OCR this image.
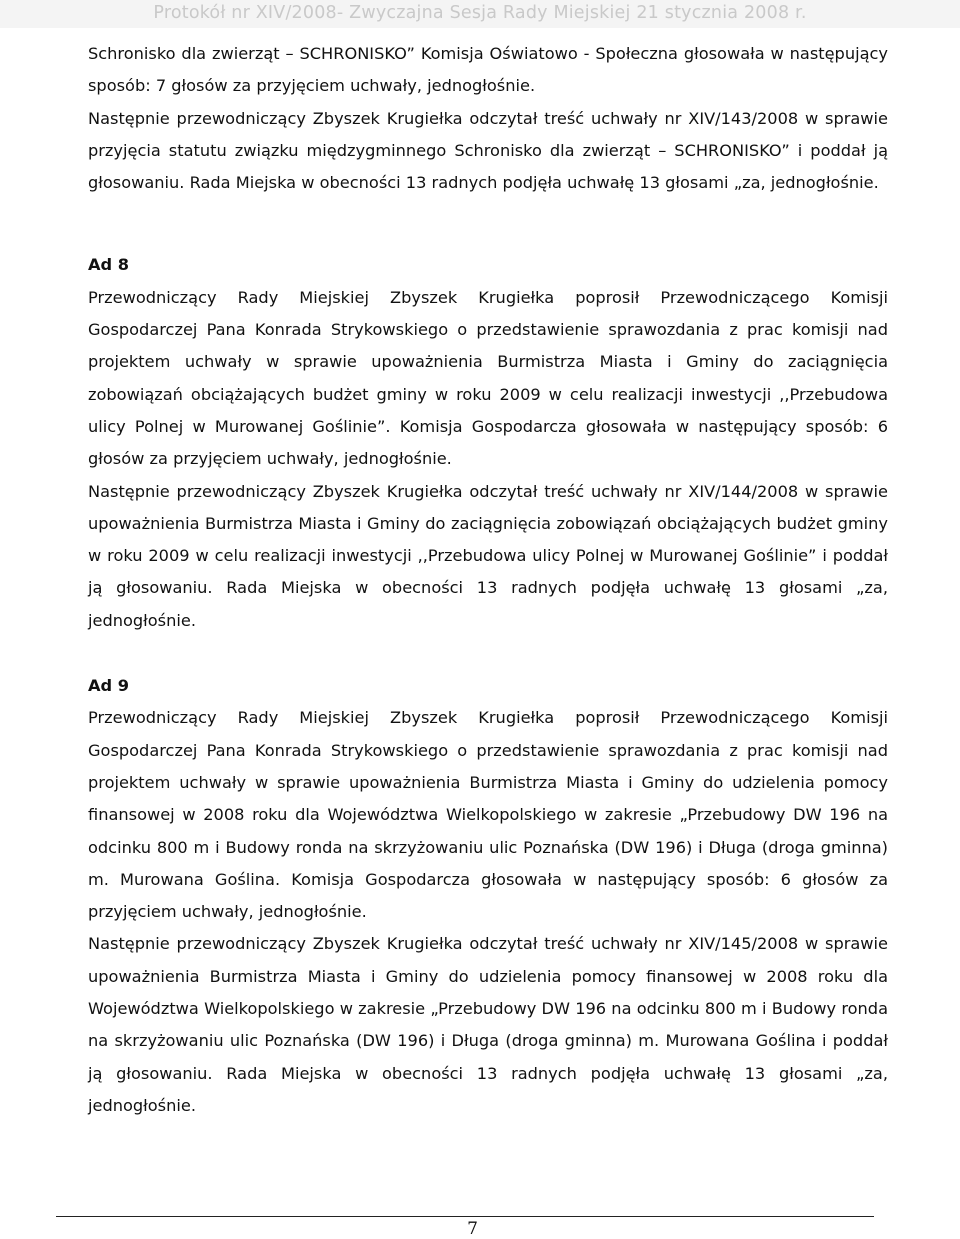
Protokół nr XIV/2008- Zwyczajna Sesja Rady Miejskiej 21 stycznia 2008 r.

Schronisko dla zwierząt – SCHRONISKO” Komisja Oświatowo - Społeczna głosowała w następujący sposób: 7 głosów za przyjęciem uchwały, jednogłośnie.

Następnie przewodniczący Zbyszek Krugiełka odczytał treść uchwały nr XIV/143/2008 w sprawie przyjęcia statutu związku międzygminnego Schronisko dla zwierząt – SCHRONISKO” i poddał ją głosowaniu. Rada Miejska w obecności 13 radnych podjęła uchwałę 13 głosami „za, jednogłośnie.

Ad 8

Przewodniczący Rady Miejskiej Zbyszek Krugiełka poprosił Przewodniczącego Komisji Gospodarczej Pana Konrada Strykowskiego o przedstawienie sprawozdania z prac komisji nad projektem uchwały w sprawie upoważnienia Burmistrza Miasta i Gminy do zaciągnięcia zobowiązań obciążających budżet gminy w roku 2009 w celu realizacji inwestycji ,,Przebudowa ulicy Polnej w Murowanej Goślinie”. Komisja Gospodarcza głosowała w następujący sposób: 6 głosów za przyjęciem uchwały, jednogłośnie.

Następnie przewodniczący Zbyszek Krugiełka odczytał treść uchwały nr XIV/144/2008 w sprawie upoważnienia Burmistrza Miasta i Gminy do zaciągnięcia zobowiązań obciążających budżet gminy w roku 2009 w celu realizacji inwestycji ,,Przebudowa ulicy Polnej w Murowanej Goślinie” i poddał ją głosowaniu. Rada Miejska w obecności 13 radnych podjęła uchwałę 13 głosami „za, jednogłośnie.

Ad 9

Przewodniczący Rady Miejskiej Zbyszek Krugiełka poprosił Przewodniczącego Komisji Gospodarczej Pana Konrada Strykowskiego o przedstawienie sprawozdania z prac komisji nad projektem uchwały w sprawie upoważnienia Burmistrza Miasta i Gminy do udzielenia pomocy finansowej w 2008 roku dla Województwa Wielkopolskiego w zakresie „Przebudowy DW 196 na odcinku 800 m i Budowy ronda na skrzyżowaniu ulic Poznańska (DW 196) i Długa (droga gminna) m. Murowana Goślina. Komisja Gospodarcza głosowała w następujący sposób: 6 głosów za przyjęciem uchwały, jednogłośnie.

Następnie przewodniczący Zbyszek Krugiełka odczytał treść uchwały nr XIV/145/2008 w sprawie upoważnienia Burmistrza Miasta i Gminy do udzielenia pomocy finansowej w 2008 roku dla Województwa Wielkopolskiego w zakresie „Przebudowy DW 196 na odcinku 800 m i Budowy ronda na skrzyżowaniu ulic Poznańska (DW 196) i Długa (droga gminna) m. Murowana Goślina i poddał ją głosowaniu. Rada Miejska w obecności 13 radnych podjęła uchwałę 13 głosami „za, jednogłośnie.

7
